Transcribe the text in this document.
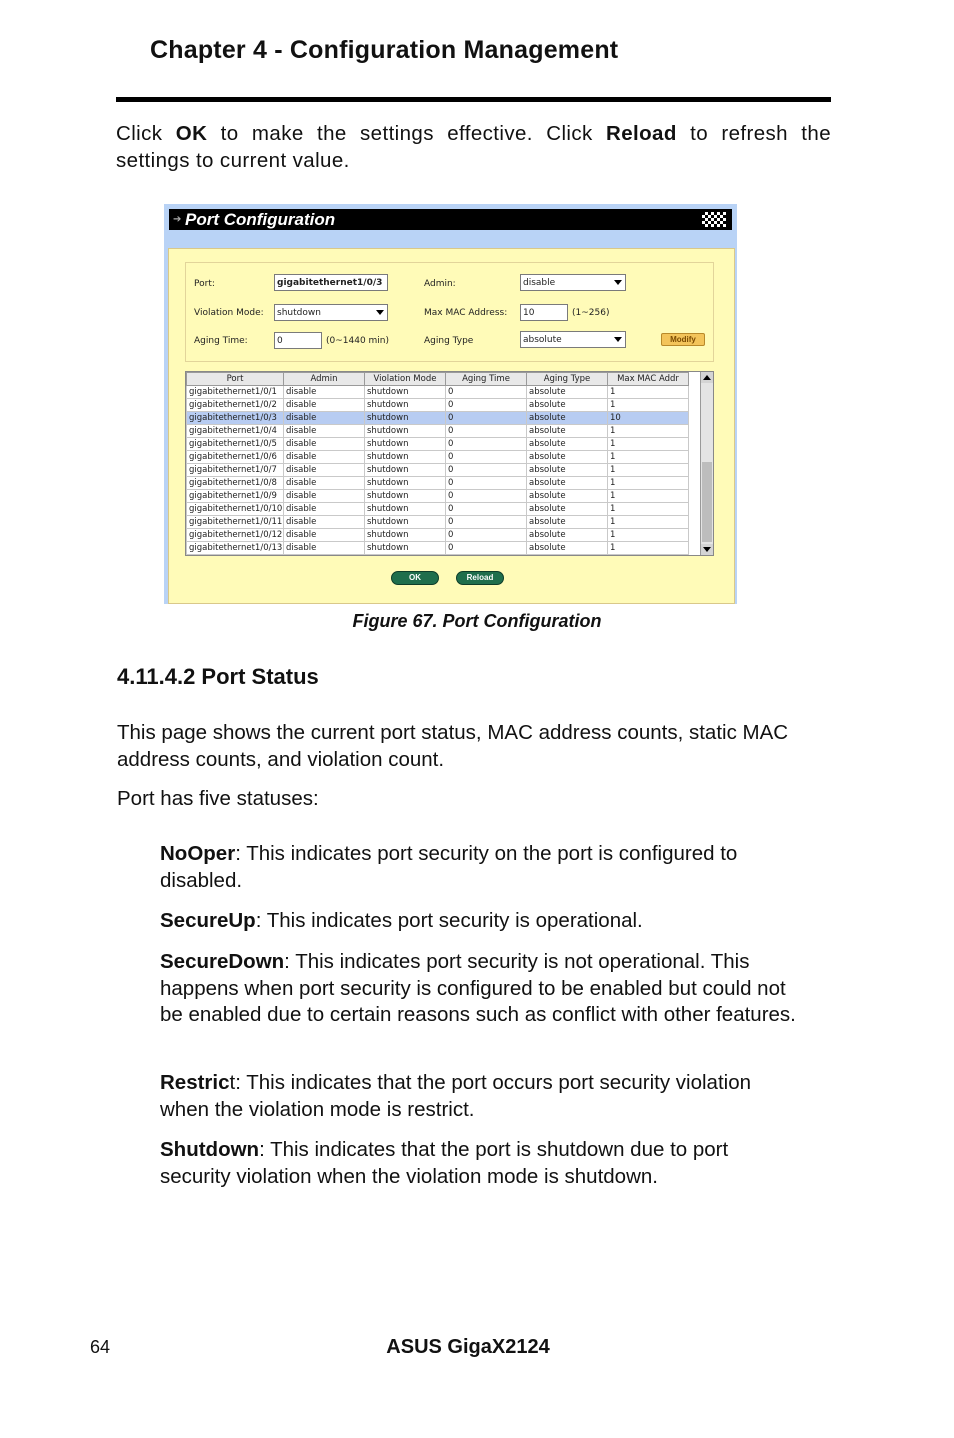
Chapter 4 - Configuration Management
Click OK to make the settings effective. Click Reload to refresh the settings to current value.
➔ Port Configuration
Port:	gigabitethernet1/0/3	Admin:	disable
Violation Mode:	shutdown	Max MAC Address:	10	(1~256)
Aging Time:	0	(0~1440 min)	Aging Type	absolute	Modify
Port	Admin	Violation Mode	Aging Time	Aging Type	Max MAC Addr
gigabitethernet1/0/1	disable	shutdown	0	absolute	1
gigabitethernet1/0/2	disable	shutdown	0	absolute	1
gigabitethernet1/0/3	disable	shutdown	0	absolute	10
gigabitethernet1/0/4	disable	shutdown	0	absolute	1
gigabitethernet1/0/5	disable	shutdown	0	absolute	1
gigabitethernet1/0/6	disable	shutdown	0	absolute	1
gigabitethernet1/0/7	disable	shutdown	0	absolute	1
gigabitethernet1/0/8	disable	shutdown	0	absolute	1
gigabitethernet1/0/9	disable	shutdown	0	absolute	1
gigabitethernet1/0/10	disable	shutdown	0	absolute	1
gigabitethernet1/0/11	disable	shutdown	0	absolute	1
gigabitethernet1/0/12	disable	shutdown	0	absolute	1
gigabitethernet1/0/13	disable	shutdown	0	absolute	1
OK	Reload
Figure 67. Port Configuration
4.11.4.2 Port Status
This page shows the current port status, MAC address counts, static MAC address counts, and violation count.
Port has five statuses:
NoOper: This indicates port security on the port is configured to disabled.
SecureUp: This indicates port security is operational.
SecureDown: This indicates port security is not operational. This happens when port security is configured to be enabled but could not be enabled due to certain reasons such as conflict with other features.
Restrict: This indicates that the port occurs port security violation when the violation mode is restrict.
Shutdown: This indicates that the port is shutdown due to port security violation when the violation mode is shutdown.
64	ASUS GigaX2124
